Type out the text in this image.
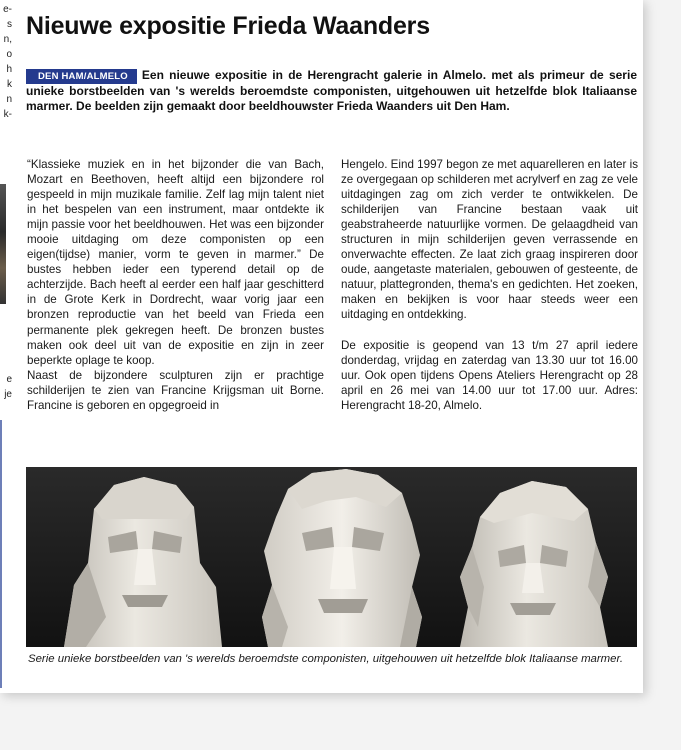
e-
s
n,
o
h
k
n
k-
e
je
Nieuwe expositie Frieda Waanders
DEN HAM/ALMELO Een nieuwe expositie in de Herengracht galerie in Almelo. met als primeur de serie unieke borstbeelden van 's werelds beroemdste componisten, uitgehouwen uit hetzelfde blok Italiaanse marmer. De beelden zijn gemaakt door beeldhouwster Frieda Waanders uit Den Ham.

“Klassieke muziek en in het bijzonder die van Bach, Mozart en Beethoven, heeft altijd een bijzondere rol gespeeld in mijn muzikale familie. Zelf lag mijn talent niet in het bespelen van een instrument, maar ontdekte ik mijn passie voor het beeldhouwen. Het was een bijzonder mooie uitdaging om deze componisten op een eigen(tijdse) manier, vorm te geven in marmer.” De bustes hebben ieder een typerend detail op de achterzijde. Bach heeft al eerder een half jaar geschitterd in de Grote Kerk in Dordrecht, waar vorig jaar een bronzen reproductie van het beeld van Frieda een permanente plek gekregen heeft. De bronzen bustes maken ook deel uit van de expositie en zijn in zeer beperkte oplage te koop.

Naast de bijzondere sculpturen zijn er prachtige schilderijen te zien van Francine Krijgsman uit Borne. Francine is geboren en opgegroeid in

Hengelo. Eind 1997 begon ze met aquarelleren en later is ze overgegaan op schilderen met acrylverf en zag ze vele uitdagingen zag om zich verder te ontwikkelen. De schilderijen van Francine bestaan vaak uit geabstraheerde natuurlijke vormen. De gelaagdheid van structuren in mijn schilderijen geven verrassende en onverwachte effecten. Ze laat zich graag inspireren door oude, aangetaste materialen, gebouwen of gesteente, de natuur, plattegronden, thema's en gedichten. Het zoeken, maken en bekijken is voor haar steeds weer een uitdaging en ontdekking.

De expositie is geopend van 13 t/m 27 april iedere donderdag, vrijdag en zaterdag van 13.30 uur tot 16.00 uur. Ook open tijdens Opens Ateliers Herengracht op 28 april en 26 mei van 14.00 uur tot 17.00 uur. Adres: Herengracht 18-20, Almelo.

Serie unieke borstbeelden van 's werelds beroemdste componisten, uitgehouwen uit hetzelfde blok Italiaanse marmer.
